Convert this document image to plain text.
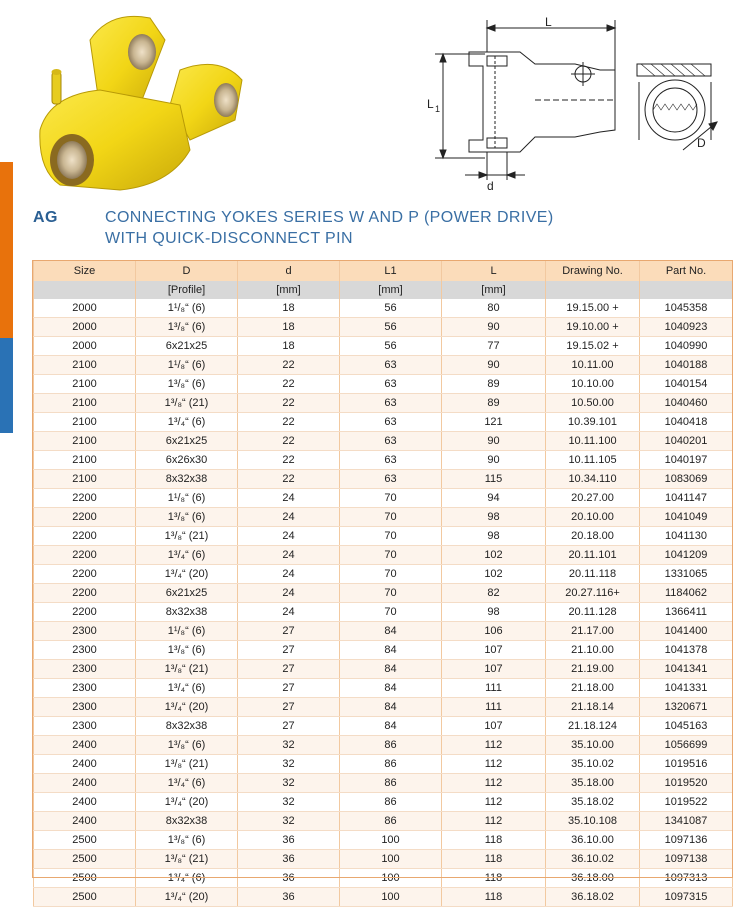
L
L 1
d
D
AG	CONNECTING YOKES SERIES W AND P (POWER DRIVE)
WITH QUICK-DISCONNECT PIN
Size	D	d	L1	L	Drawing No.	Part No.
	[Profile]	[mm]	[mm]	[mm]		
2000	1¹/₈“ (6)	18	56	80	19.15.00 +	1045358
2000	1³/₈“ (6)	18	56	90	19.10.00 +	1040923
2000	6x21x25	18	56	77	19.15.02 +	1040990
2100	1¹/₈“ (6)	22	63	90	10.11.00	1040188
2100	1³/₈“ (6)	22	63	89	10.10.00	1040154
2100	1³/₈“ (21)	22	63	89	10.50.00	1040460
2100	1³/₄“ (6)	22	63	121	10.39.101	1040418
2100	6x21x25	22	63	90	10.11.100	1040201
2100	6x26x30	22	63	90	10.11.105	1040197
2100	8x32x38	22	63	115	10.34.110	1083069
2200	1¹/₈“ (6)	24	70	94	20.27.00	1041147
2200	1³/₈“ (6)	24	70	98	20.10.00	1041049
2200	1³/₈“ (21)	24	70	98	20.18.00	1041130
2200	1³/₄“ (6)	24	70	102	20.11.101	1041209
2200	1³/₄“ (20)	24	70	102	20.11.118	1331065
2200	6x21x25	24	70	82	20.27.116+	1184062
2200	8x32x38	24	70	98	20.11.128	1366411
2300	1¹/₈“ (6)	27	84	106	21.17.00	1041400
2300	1³/₈“ (6)	27	84	107	21.10.00	1041378
2300	1³/₈“ (21)	27	84	107	21.19.00	1041341
2300	1³/₄“ (6)	27	84	111	21.18.00	1041331
2300	1³/₄“ (20)	27	84	111	21.18.14	1320671
2300	8x32x38	27	84	107	21.18.124	1045163
2400	1³/₈“ (6)	32	86	112	35.10.00	1056699
2400	1³/₈“ (21)	32	86	112	35.10.02	1019516
2400	1³/₄“ (6)	32	86	112	35.18.00	1019520
2400	1³/₄“ (20)	32	86	112	35.18.02	1019522
2400	8x32x38	32	86	112	35.10.108	1341087
2500	1³/₈“ (6)	36	100	118	36.10.00	1097136
2500	1³/₈“ (21)	36	100	118	36.10.02	1097138
2500	1³/₄“ (6)	36	100	118	36.18.00	1097313
2500	1³/₄“ (20)	36	100	118	36.18.02	1097315
